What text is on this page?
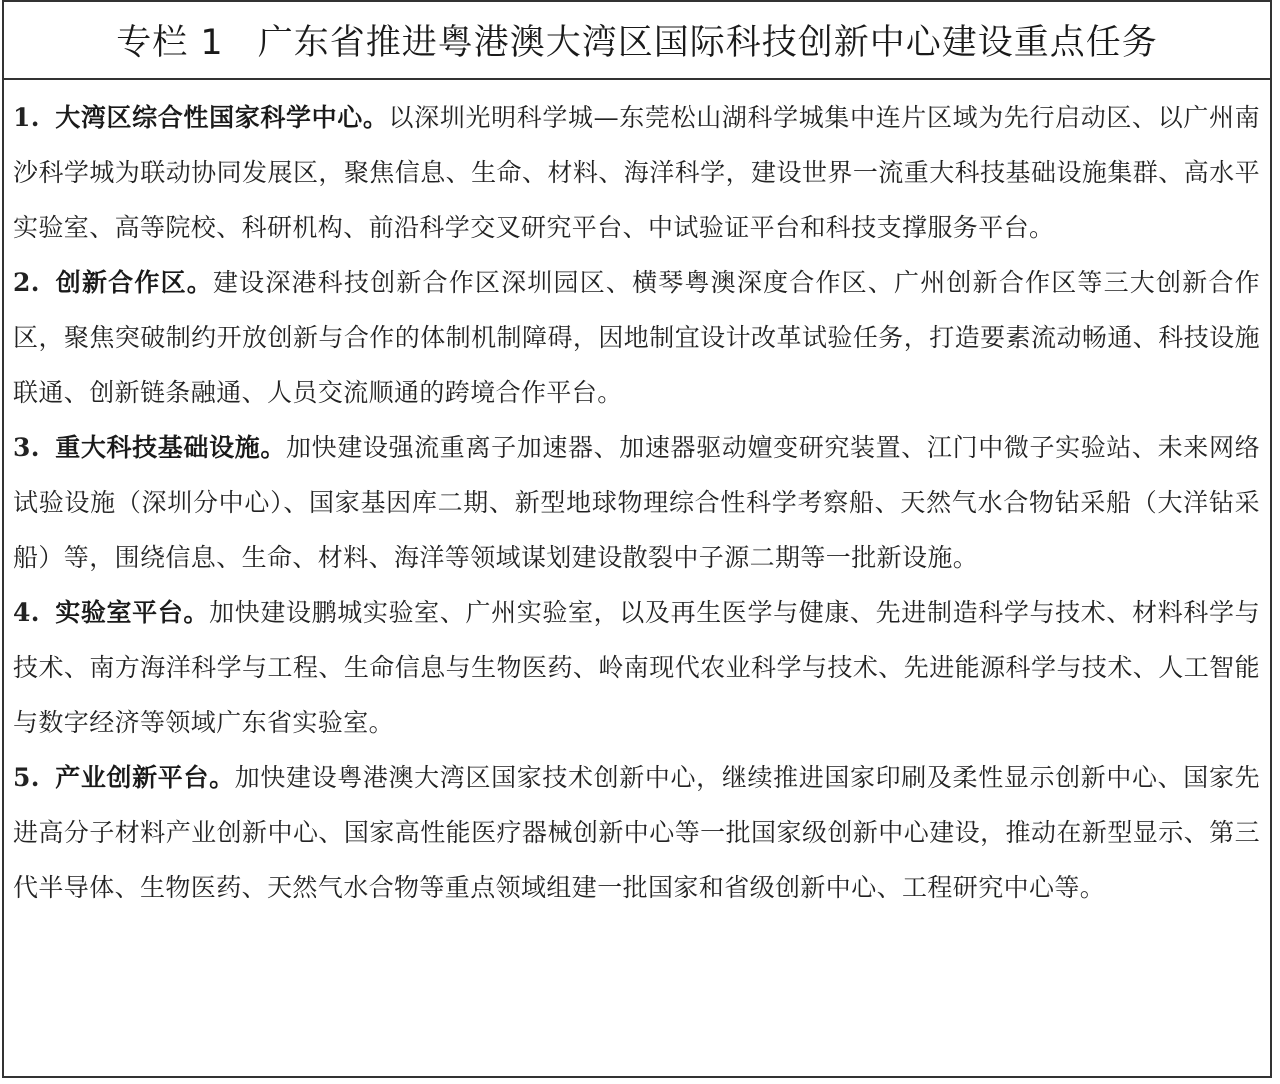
专栏 1 广东省推进粤港澳大湾区国际科技创新中心建设重点任务

1. 大湾区综合性国家科学中心。以深圳光明科学城—东莞松山湖科学城集中连片区域为先行启动区、以广州南沙科学城为联动协同发展区，聚焦信息、生命、材料、海洋科学，建设世界一流重大科技基础设施集群、高水平实验室、高等院校、科研机构、前沿科学交叉研究平台、中试验证平台和科技支撑服务平台。

2. 创新合作区。建设深港科技创新合作区深圳园区、横琴粤澳深度合作区、广州创新合作区等三大创新合作区，聚焦突破制约开放创新与合作的体制机制障碍，因地制宜设计改革试验任务，打造要素流动畅通、科技设施联通、创新链条融通、人员交流顺通的跨境合作平台。

3. 重大科技基础设施。加快建设强流重离子加速器、加速器驱动嬗变研究装置、江门中微子实验站、未来网络试验设施（深圳分中心）、国家基因库二期、新型地球物理综合性科学考察船、天然气水合物钻采船（大洋钻采船）等，围绕信息、生命、材料、海洋等领域谋划建设散裂中子源二期等一批新设施。

4. 实验室平台。加快建设鹏城实验室、广州实验室，以及再生医学与健康、先进制造科学与技术、材料科学与技术、南方海洋科学与工程、生命信息与生物医药、岭南现代农业科学与技术、先进能源科学与技术、人工智能与数字经济等领域广东省实验室。

5. 产业创新平台。加快建设粤港澳大湾区国家技术创新中心，继续推进国家印刷及柔性显示创新中心、国家先进高分子材料产业创新中心、国家高性能医疗器械创新中心等一批国家级创新中心建设，推动在新型显示、第三代半导体、生物医药、天然气水合物等重点领域组建一批国家和省级创新中心、工程研究中心等。
